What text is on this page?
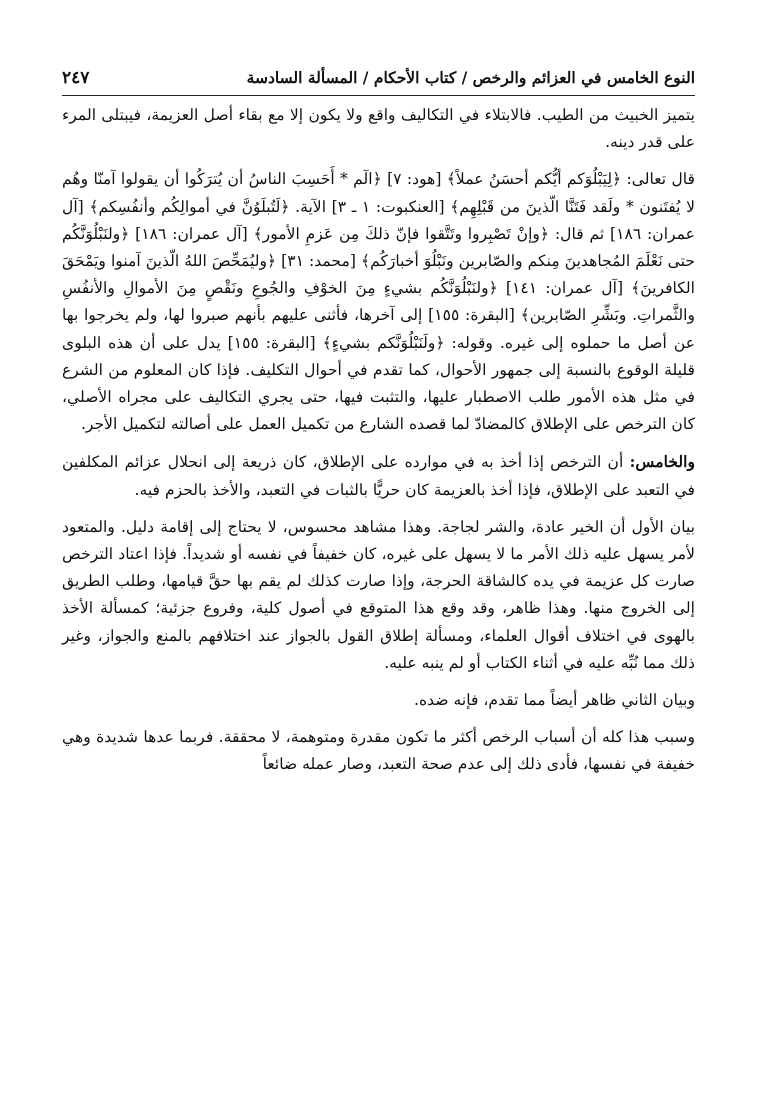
النوع الخامس في العزائم والرخص / كتاب الأحكام / المسألة السادسة
٢٤٧

يتميز الخبيث من الطيب. فالابتلاء في التكاليف واقع ولا يكون إلا مع بقاء أصل العزيمة، فيبتلى المرء على قدر دينه.

قال تعالى: ﴿لِيَبْلُوَكم أيُّكم أحسَنُ عملاً﴾ [هود: ٧] ﴿الٓم * أَحَسِبَ الناسُ أن يُترَكُوا أن يقولوا آمنّا وهُم لا يُفتَنون * ولَقد فَتَنَّا الّذينَ من قَبْلِهِم﴾ [العنكبوت: ١ ـ ٣] الآية. ﴿لَتُبلَوُنَّ في أموالِكُم وأنفُسِكم﴾ [آل عمران: ١٨٦] ثم قال: ﴿وإنْ تَصْبِروا وتَتَّقوا فإنّ ذلكَ مِن عَزمِ الأمور﴾ [آل عمران: ١٨٦] ﴿ولنَبْلُوَنَّكُم حتى نَعْلَمَ المُجاهدينَ مِنكم والصّابرين ونَبْلُوَ أخبارَكُم﴾ [محمد: ٣١] ﴿وليُمَحِّصَ اللهُ الّذينَ آمنوا ويَمْحَقَ الكافرينَ﴾ [آل عمران: ١٤١] ﴿ولنَبْلُوَنَّكُم بشيءٍ مِنَ الخوْفِ والجُوعِ ونَقْصٍ مِنَ الأموالِ والأنفُسِ والثَّمراتِ. وبَشِّرِ الصّابرين﴾ [البقرة: ١٥٥] إلى آخرها، فأثنى عليهم بأنهم صبروا لها، ولم يخرجوا بها عن أصل ما حملوه إلى غيره. وقوله: ﴿ولَنَبْلُوَنَّكم بشيءٍ﴾ [البقرة: ١٥٥] يدل على أن هذه البلوى قليلة الوقوع بالنسبة إلى جمهور الأحوال، كما تقدم في أحوال التكليف. فإذا كان المعلوم من الشرع في مثل هذه الأمور طلب الاصطبار عليها، والتثبت فيها، حتى يجري التكاليف على مجراه الأصلي، كان الترخص على الإطلاق كالمضادّ لما قصده الشارع من تكميل العمل على أصالته لتكميل الأجر.

والخامس: أن الترخص إذا أخذ به في موارده على الإطلاق، كان ذريعة إلى انحلال عزائم المكلفين في التعبد على الإطلاق، فإذا أخذ بالعزيمة كان حريًّا بالثبات في التعبد، والأخذ بالحزم فيه.

بيان الأول أن الخير عادة، والشر لجاجة. وهذا مشاهد محسوس، لا يحتاج إلى إقامة دليل. والمتعود لأمر يسهل عليه ذلك الأمر ما لا يسهل على غيره، كان خفيفاً في نفسه أو شديداً. فإذا اعتاد الترخص صارت كل عزيمة في يده كالشاقة الحرجة، وإذا صارت كذلك لم يقم بها حقَّ قيامها، وطلب الطريق إلى الخروج منها. وهذا ظاهر، وقد وقع هذا المتوقع في أصول كلية، وفروع جزئية؛ كمسألة الأخذ بالهوى في اختلاف أقوال العلماء، ومسألة إطلاق القول بالجواز عند اختلافهم بالمنع والجواز، وغير ذلك مما نُبِّه عليه في أثناء الكتاب أو لم ينبه عليه.

وبيان الثاني ظاهر أيضاً مما تقدم، فإنه ضده.

وسبب هذا كله أن أسباب الرخص أكثر ما تكون مقدرة ومتوهمة، لا محققة. فربما عدها شديدة وهي خفيفة في نفسها، فأدى ذلك إلى عدم صحة التعبد، وصار عمله ضائعاً
